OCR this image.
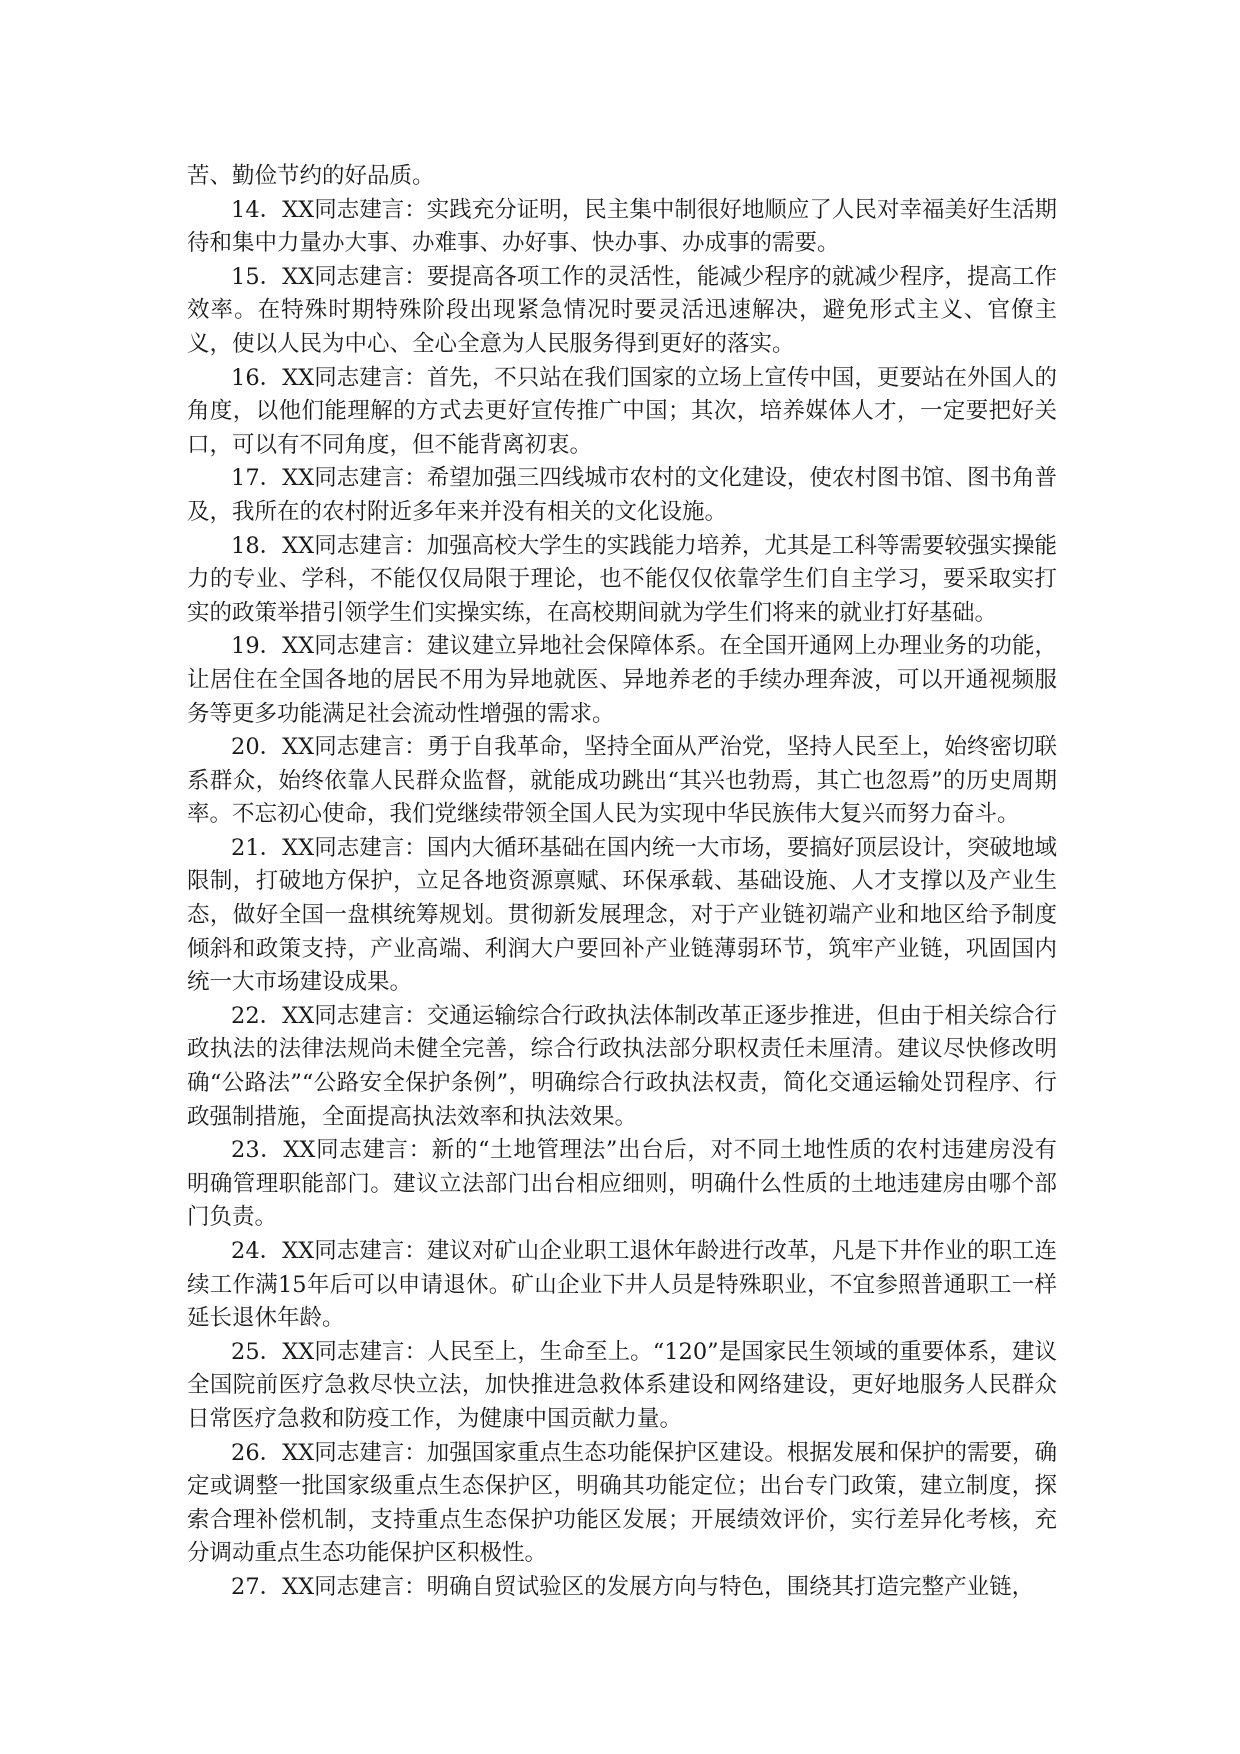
苦、勤俭节约的好品质。

14．XX同志建言：实践充分证明，民主集中制很好地顺应了人民对幸福美好生活期待和集中力量办大事、办难事、办好事、快办事、办成事的需要。

15．XX同志建言：要提高各项工作的灵活性，能减少程序的就减少程序，提高工作效率。在特殊时期特殊阶段出现紧急情况时要灵活迅速解决，避免形式主义、官僚主义，使以人民为中心、全心全意为人民服务得到更好的落实。

16．XX同志建言：首先，不只站在我们国家的立场上宣传中国，更要站在外国人的角度，以他们能理解的方式去更好宣传推广中国；其次，培养媒体人才，一定要把好关口，可以有不同角度，但不能背离初衷。

17．XX同志建言：希望加强三四线城市农村的文化建设，使农村图书馆、图书角普及，我所在的农村附近多年来并没有相关的文化设施。

18．XX同志建言：加强高校大学生的实践能力培养，尤其是工科等需要较强实操能力的专业、学科，不能仅仅局限于理论，也不能仅仅依靠学生们自主学习，要采取实打实的政策举措引领学生们实操实练，在高校期间就为学生们将来的就业打好基础。

19．XX同志建言：建议建立异地社会保障体系。在全国开通网上办理业务的功能，让居住在全国各地的居民不用为异地就医、异地养老的手续办理奔波，可以开通视频服务等更多功能满足社会流动性增强的需求。

20．XX同志建言：勇于自我革命，坚持全面从严治党，坚持人民至上，始终密切联系群众，始终依靠人民群众监督，就能成功跳出“其兴也勃焉，其亡也忽焉”的历史周期率。不忘初心使命，我们党继续带领全国人民为实现中华民族伟大复兴而努力奋斗。

21．XX同志建言：国内大循环基础在国内统一大市场，要搞好顶层设计，突破地域限制，打破地方保护，立足各地资源禀赋、环保承载、基础设施、人才支撑以及产业生态，做好全国一盘棋统筹规划。贯彻新发展理念，对于产业链初端产业和地区给予制度倾斜和政策支持，产业高端、利润大户要回补产业链薄弱环节，筑牢产业链，巩固国内统一大市场建设成果。

22．XX同志建言：交通运输综合行政执法体制改革正逐步推进，但由于相关综合行政执法的法律法规尚未健全完善，综合行政执法部分职权责任未厘清。建议尽快修改明确“公路法”“公路安全保护条例”，明确综合行政执法权责，简化交通运输处罚程序、行政强制措施，全面提高执法效率和执法效果。

23．XX同志建言：新的“土地管理法”出台后，对不同土地性质的农村违建房没有明确管理职能部门。建议立法部门出台相应细则，明确什么性质的土地违建房由哪个部门负责。

24．XX同志建言：建议对矿山企业职工退休年龄进行改革，凡是下井作业的职工连续工作满15年后可以申请退休。矿山企业下井人员是特殊职业，不宜参照普通职工一样延长退休年龄。

25．XX同志建言：人民至上，生命至上。“120”是国家民生领域的重要体系，建议全国院前医疗急救尽快立法，加快推进急救体系建设和网络建设，更好地服务人民群众日常医疗急救和防疫工作，为健康中国贡献力量。

26．XX同志建言：加强国家重点生态功能保护区建设。根据发展和保护的需要，确定或调整一批国家级重点生态保护区，明确其功能定位；出台专门政策，建立制度，探索合理补偿机制，支持重点生态保护功能区发展；开展绩效评价，实行差异化考核，充分调动重点生态功能保护区积极性。

27．XX同志建言：明确自贸试验区的发展方向与特色，围绕其打造完整产业链，
